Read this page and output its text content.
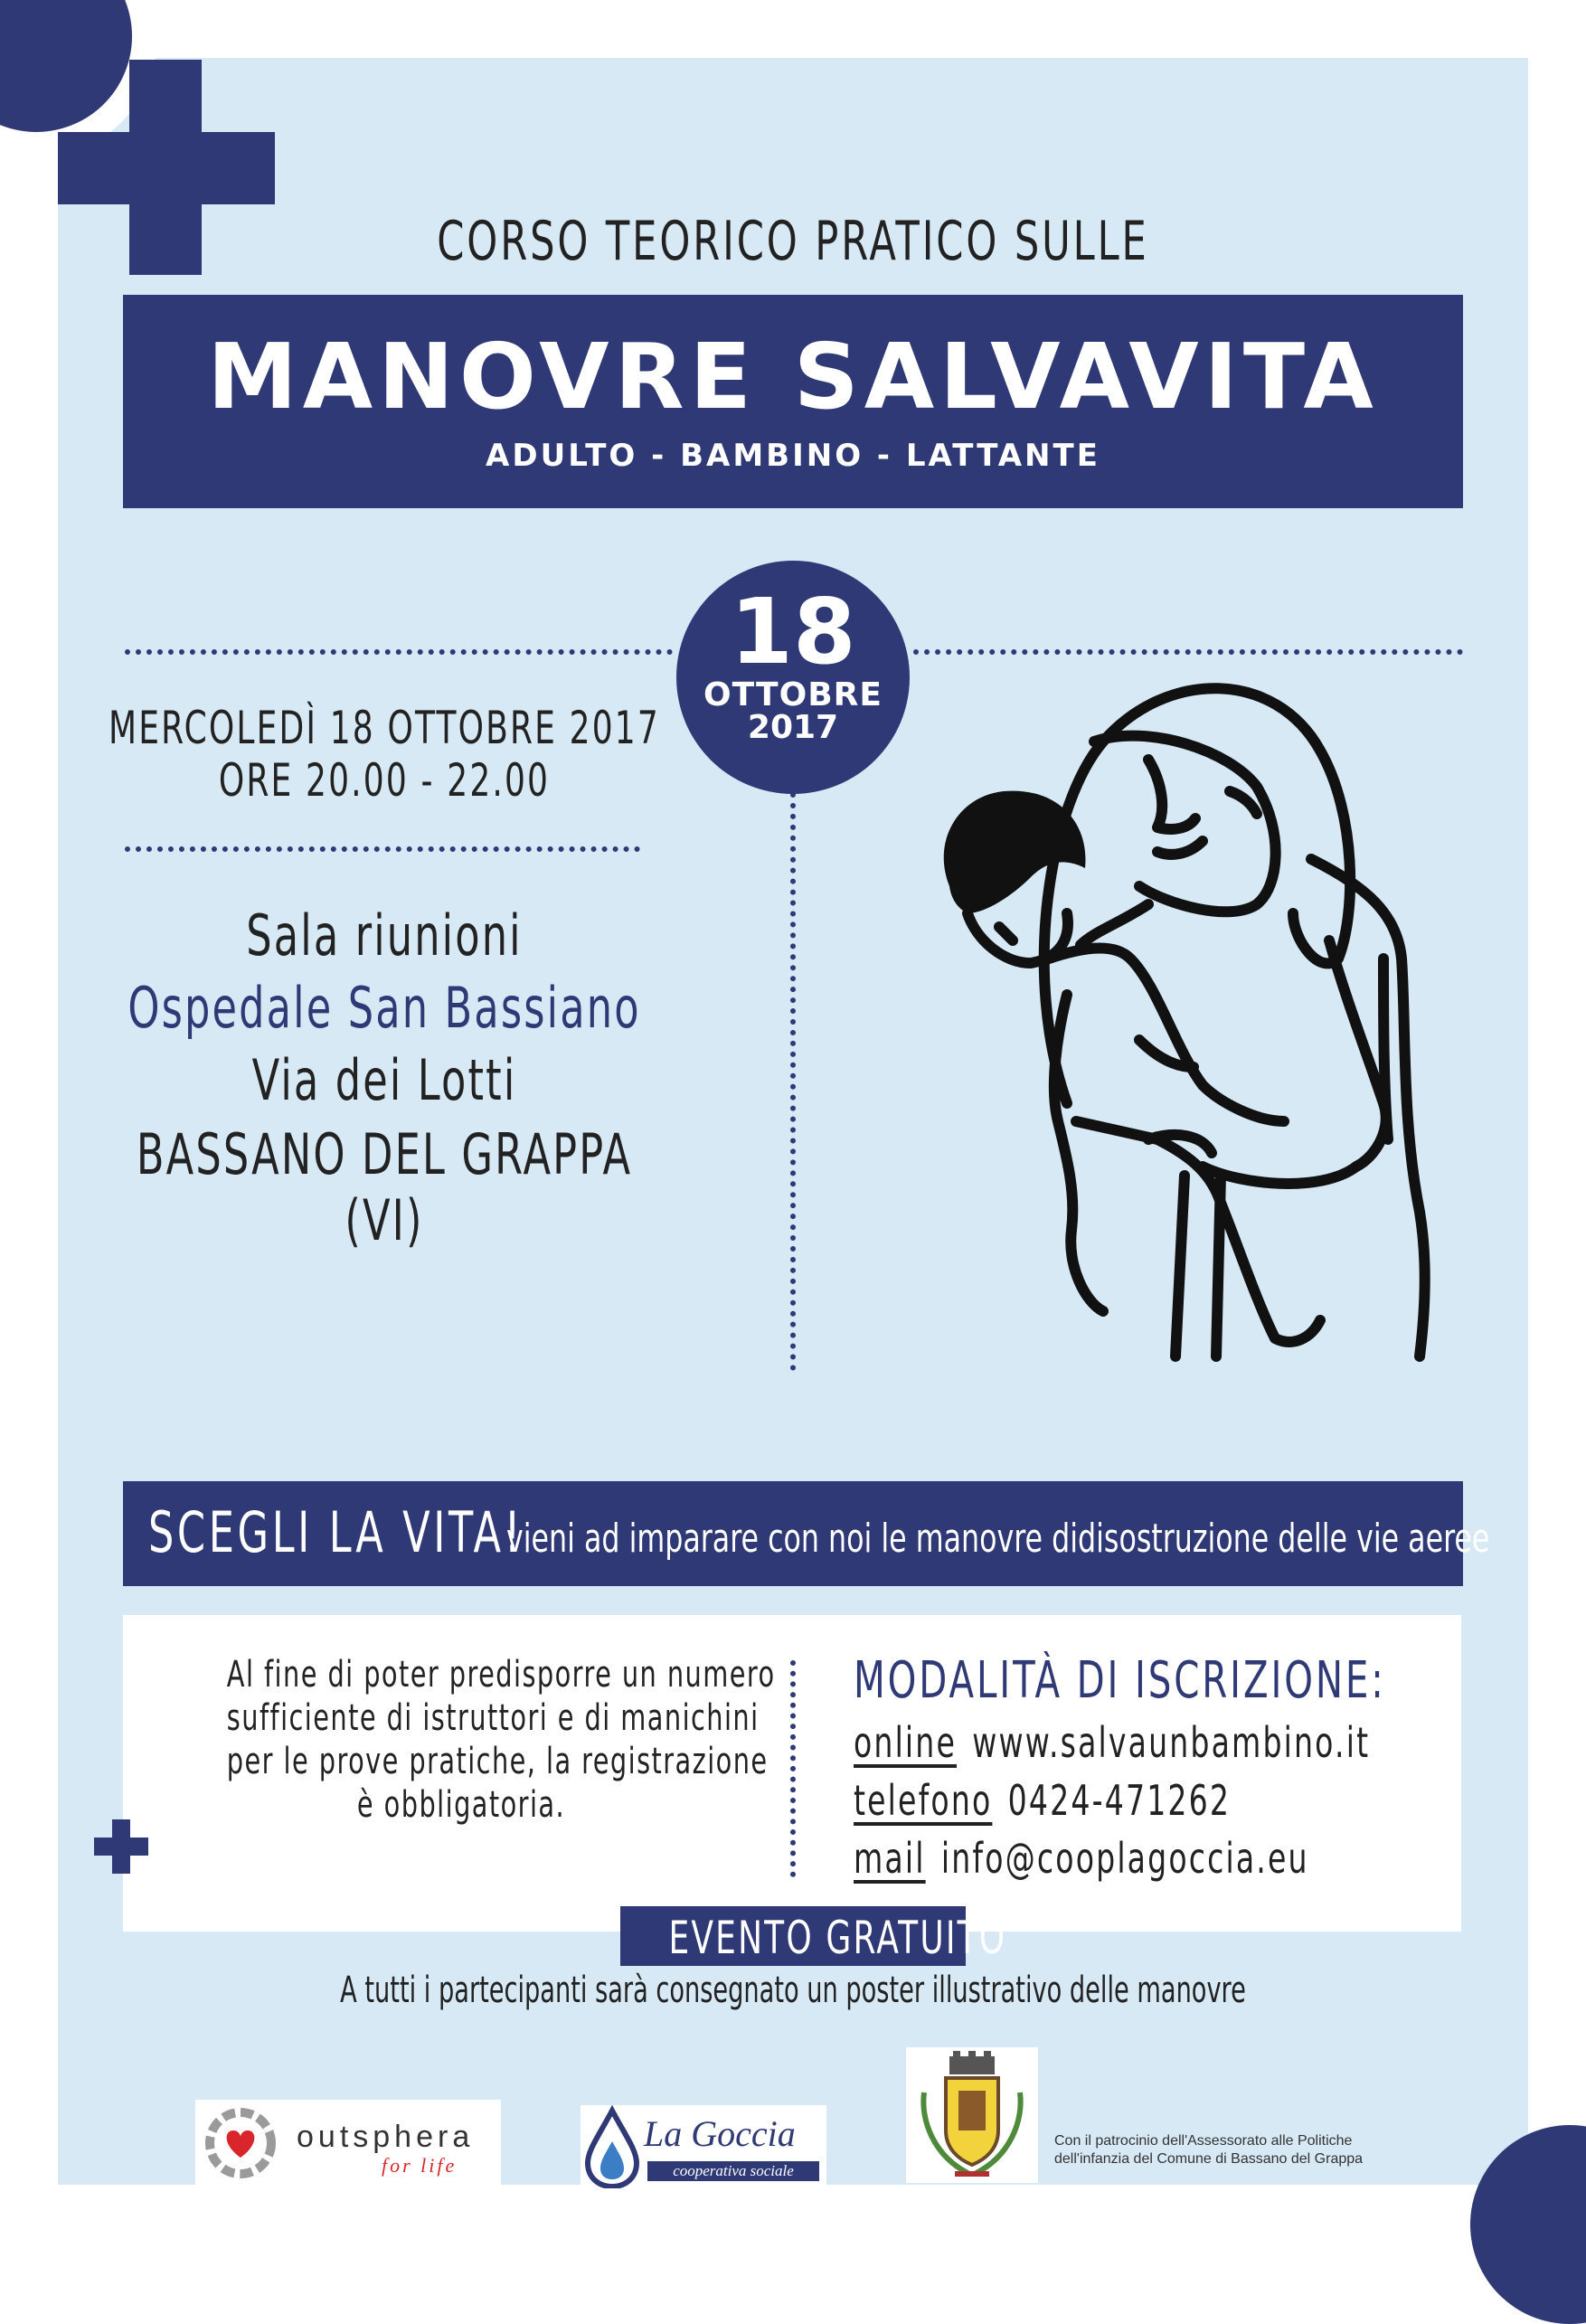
CORSO TEORICO PRATICO SULLE
MANOVRE SALVAVITA
ADULTO - BAMBINO - LATTANTE
18
OTTOBRE
2017
MERCOLEDÌ 18 OTTOBRE 2017
ORE 20.00 - 22.00
Sala riunioni
Ospedale San Bassiano
Via dei Lotti
BASSANO DEL GRAPPA (VI)
SCEGLI LA VITA!
vieni ad imparare con noi le manovre didisostruzione delle vie aeree
Al fine di poter predisporre un numero
sufficiente di istruttori e di manichini
per le prove pratiche, la registrazione
è obbligatoria.
MODALITÀ DI ISCRIZIONE:
online www.salvaunbambino.it
telefono 0424-471262
mail info@cooplagoccia.eu
EVENTO GRATUITO
A tutti i partecipanti sarà consegnato un poster illustrativo delle manovre
outsphera
for life
La Goccia
cooperativa sociale
Con il patrocinio dell'Assessorato alle Politiche
dell'infanzia del Comune di Bassano del Grappa
